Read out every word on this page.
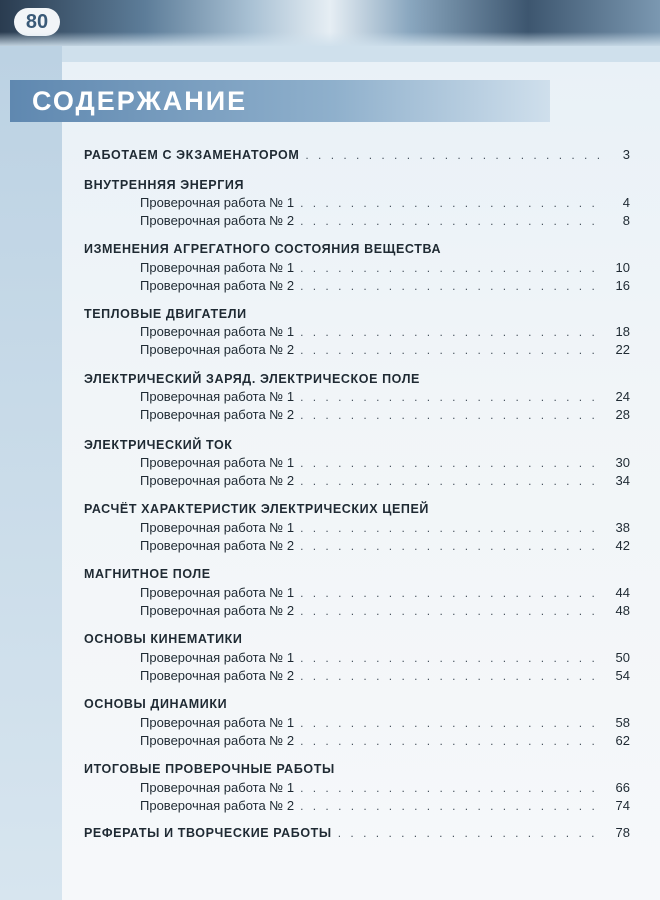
80
СОДЕРЖАНИЕ
РАБОТАЕМ С ЭКЗАМЕНАТОРОМ . . .	3
ВНУТРЕННЯЯ ЭНЕРГИЯ
Проверочная работа № 1 . . .	4
Проверочная работа № 2 . . .	8
ИЗМЕНЕНИЯ АГРЕГАТНОГО СОСТОЯНИЯ ВЕЩЕСТВА
Проверочная работа № 1 . . .	10
Проверочная работа № 2 . . .	16
ТЕПЛОВЫЕ ДВИГАТЕЛИ
Проверочная работа № 1 . . .	18
Проверочная работа № 2 . . .	22
ЭЛЕКТРИЧЕСКИЙ ЗАРЯД. ЭЛЕКТРИЧЕСКОЕ ПОЛЕ
Проверочная работа № 1 . . .	24
Проверочная работа № 2 . . .	28
ЭЛЕКТРИЧЕСКИЙ ТОК
Проверочная работа № 1 . . .	30
Проверочная работа № 2 . . .	34
РАСЧЁТ ХАРАКТЕРИСТИК ЭЛЕКТРИЧЕСКИХ ЦЕПЕЙ
Проверочная работа № 1 . . .	38
Проверочная работа № 2 . . .	42
МАГНИТНОЕ ПОЛЕ
Проверочная работа № 1 . . .	44
Проверочная работа № 2 . . .	48
ОСНОВЫ КИНЕМАТИКИ
Проверочная работа № 1 . . .	50
Проверочная работа № 2 . . .	54
ОСНОВЫ ДИНАМИКИ
Проверочная работа № 1 . . .	58
Проверочная работа № 2 . . .	62
ИТОГОВЫЕ ПРОВЕРОЧНЫЕ РАБОТЫ
Проверочная работа № 1 . . .	66
Проверочная работа № 2 . . .	74
РЕФЕРАТЫ И ТВОРЧЕСКИЕ РАБОТЫ . . .	78
